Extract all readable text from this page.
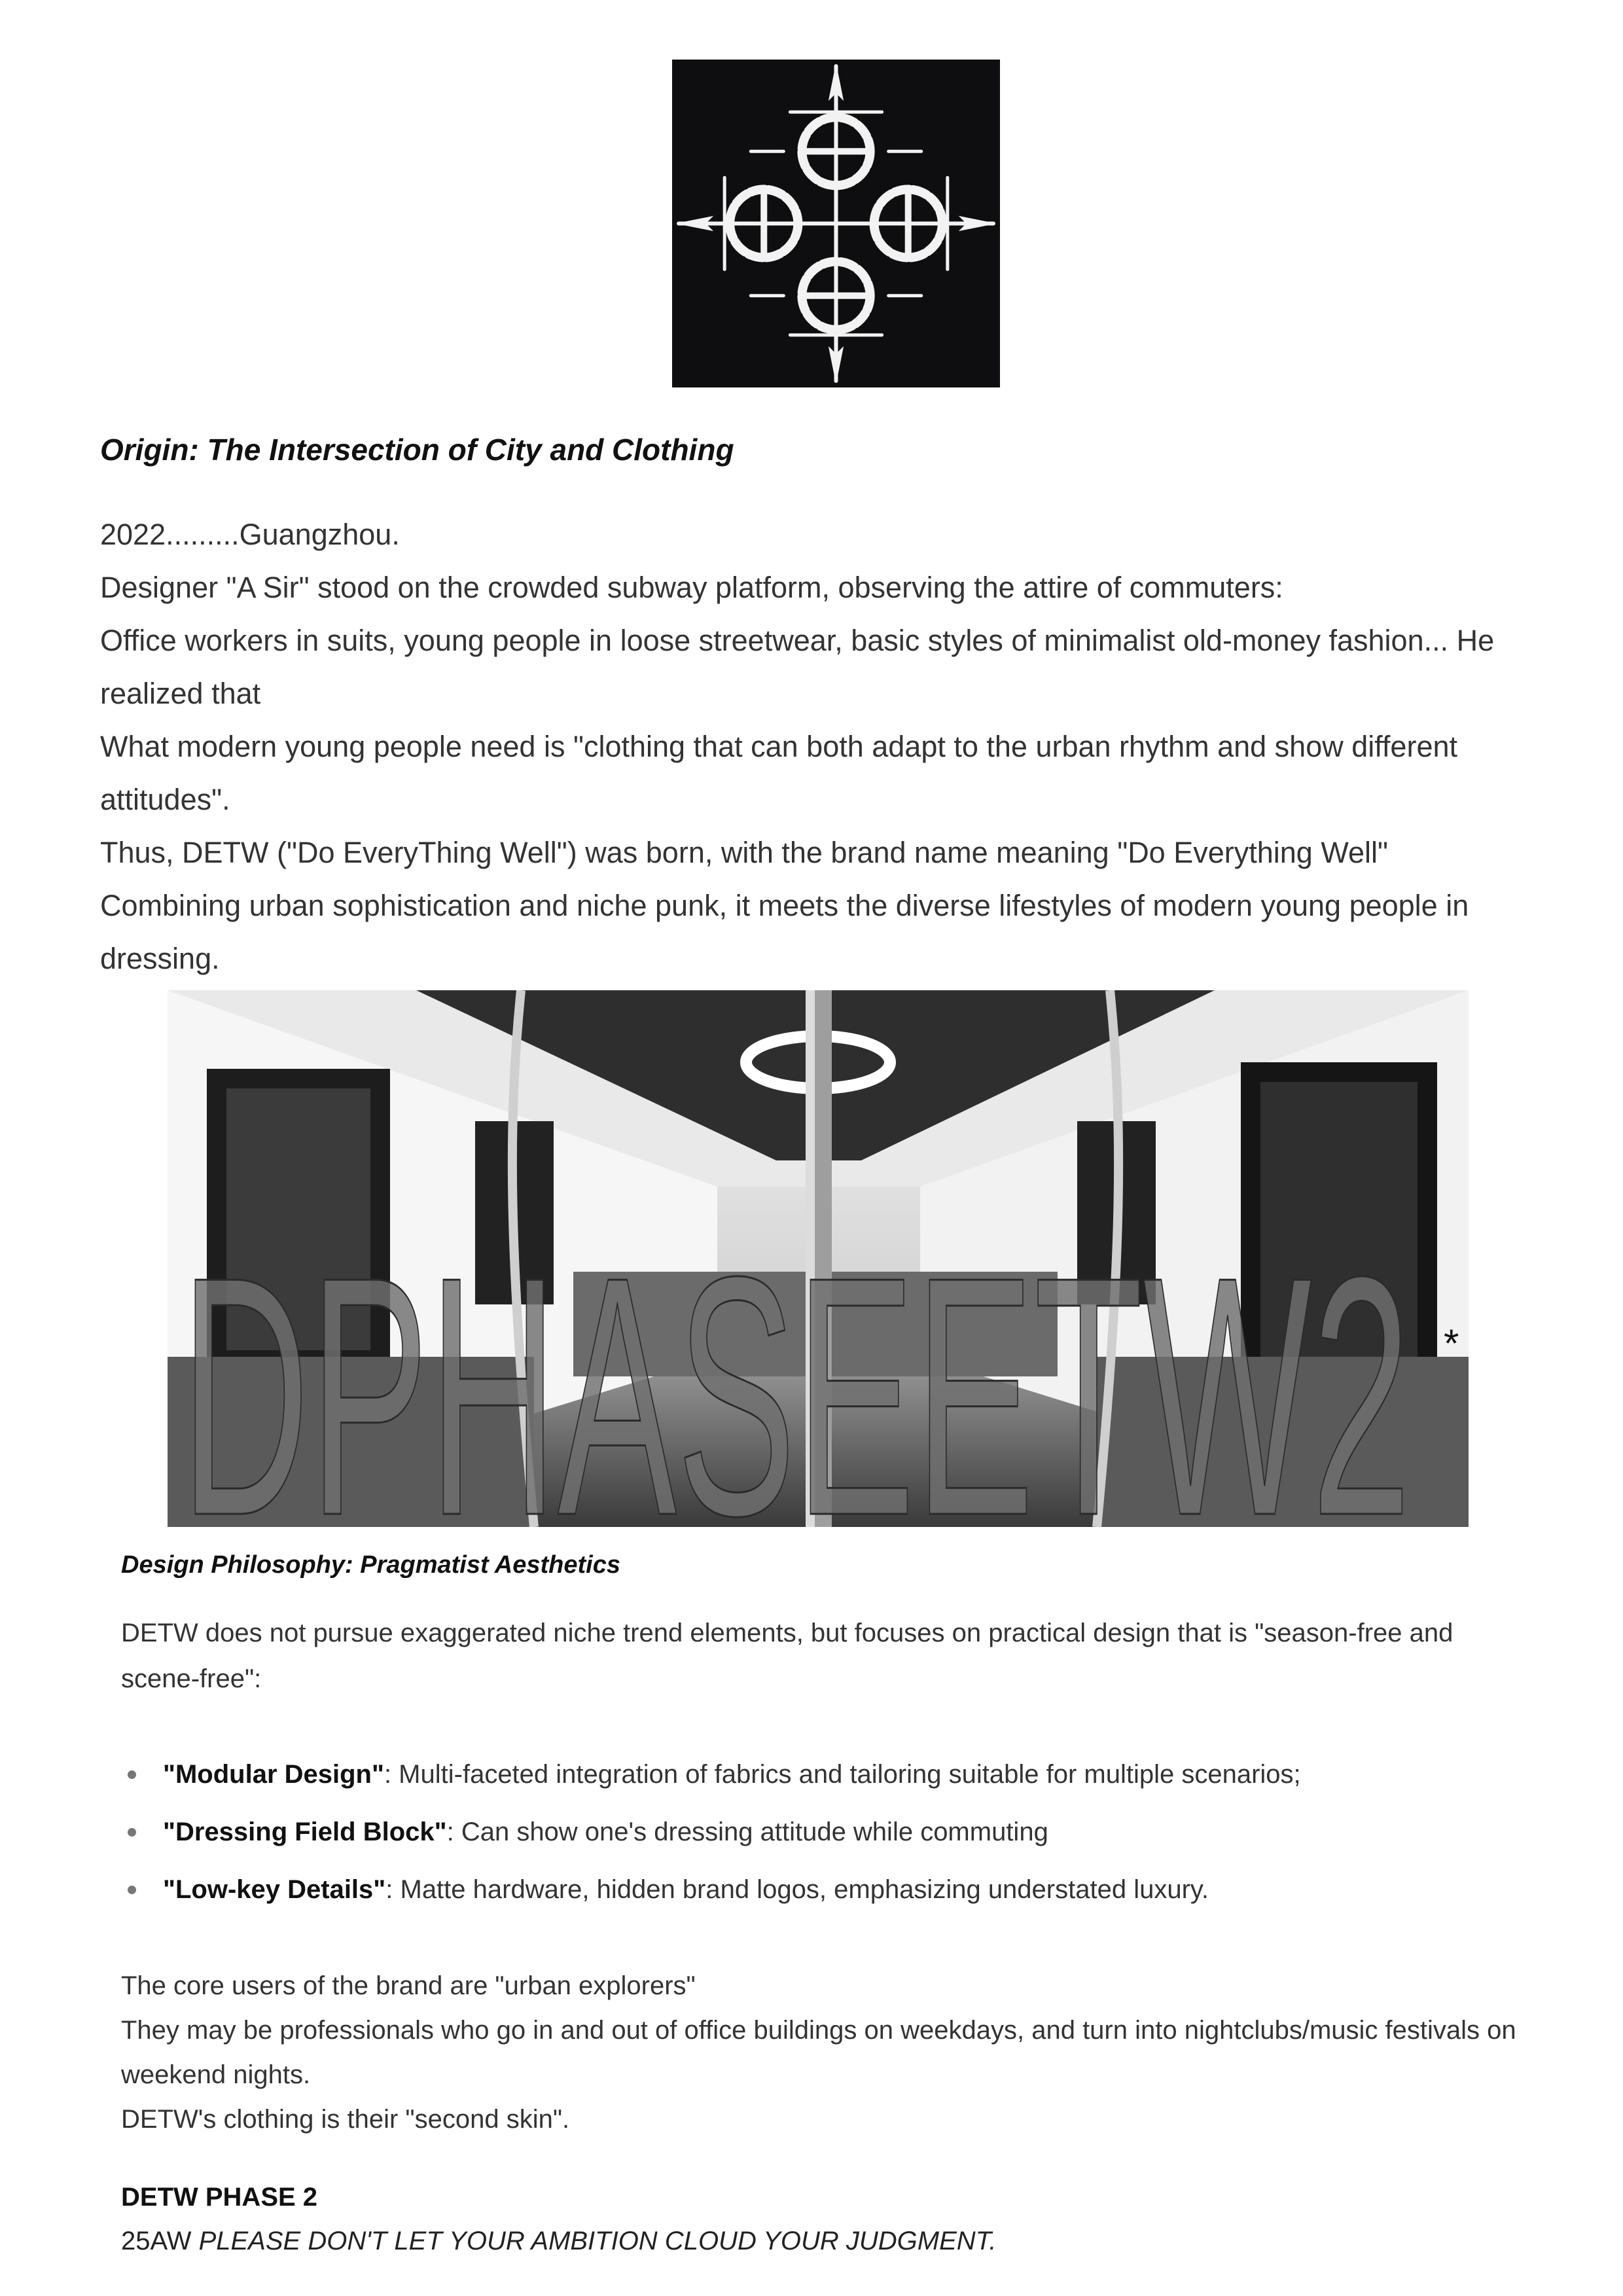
Origin: The Intersection of City and Clothing

2022.........Guangzhou.

Designer "A Sir" stood on the crowded subway platform, observing the attire of commuters:

Office workers in suits, young people in loose streetwear, basic styles of minimalist old-money fashion... He realized that

What modern young people need is "clothing that can both adapt to the urban rhythm and show different attitudes".

Thus, DETW ("Do EveryThing Well") was born, with the brand name meaning "Do Everything Well"

Combining urban sophistication and niche punk, it meets the diverse lifestyles of modern young people in dressing.

DPHASEETW2 *
Design Philosophy: Pragmatist Aesthetics
DETW does not pursue exaggerated niche trend elements, but focuses on practical design that is "season-free and scene-free":
"Modular Design": Multi-faceted integration of fabrics and tailoring suitable for multiple scenarios;
"Dressing Field Block": Can show one's dressing attitude while commuting
"Low-key Details": Matte hardware, hidden brand logos, emphasizing understated luxury.

The core users of the brand are "urban explorers"

They may be professionals who go in and out of office buildings on weekdays, and turn into nightclubs/music festivals on weekend nights.

DETW's clothing is their "second skin".

DETW PHASE 2
25AW PLEASE DON'T LET YOUR AMBITION CLOUD YOUR JUDGMENT.
